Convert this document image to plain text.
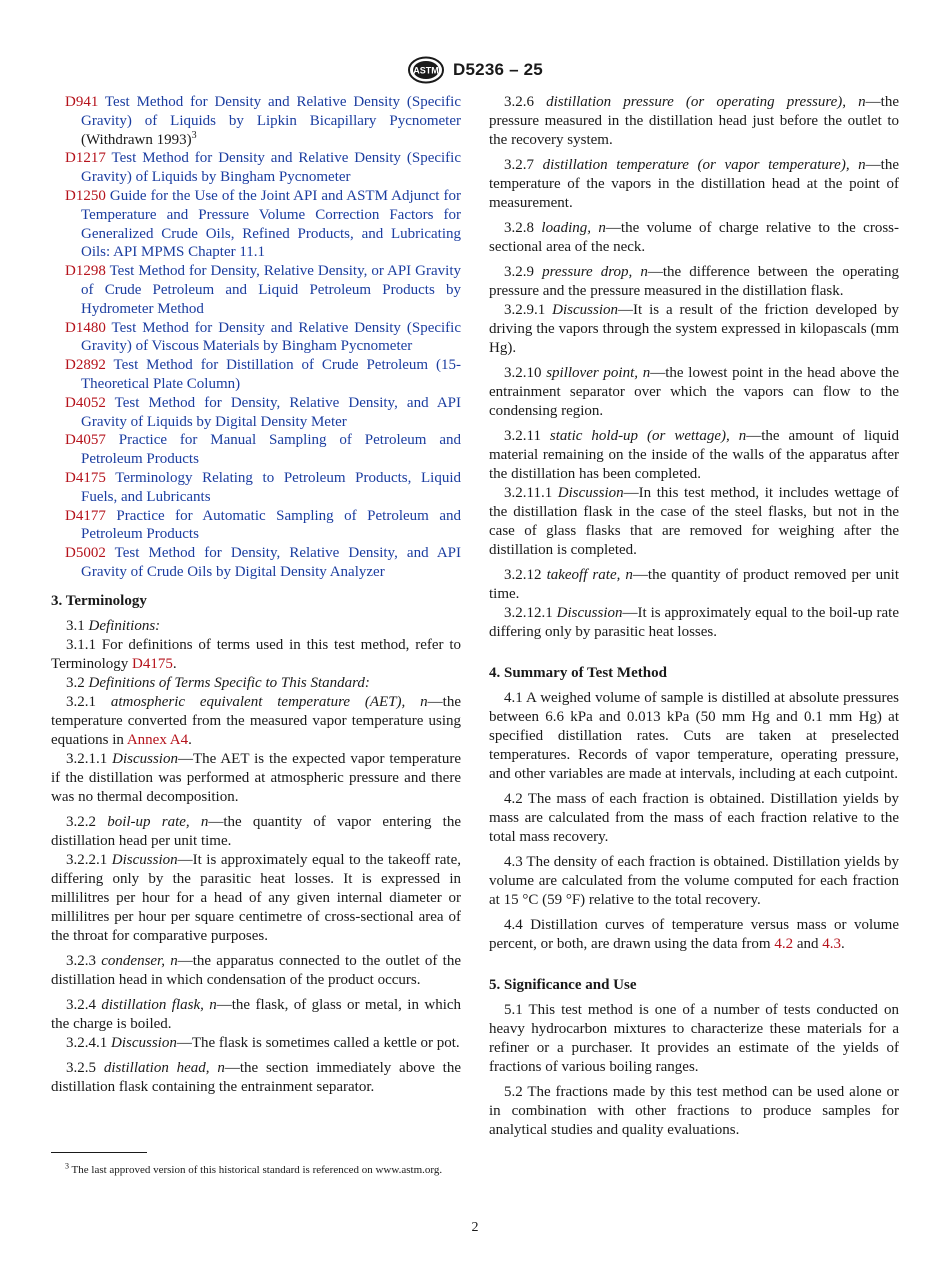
ASTM D5236 – 25

D941 Test Method for Density and Relative Density (Specific Gravity) of Liquids by Lipkin Bicapillary Pycnometer (Withdrawn 1993)$^3$

D1217 Test Method for Density and Relative Density (Specific Gravity) of Liquids by Bingham Pycnometer

D1250 Guide for the Use of the Joint API and ASTM Adjunct for Temperature and Pressure Volume Correction Factors for Generalized Crude Oils, Refined Products, and Lubricating Oils: API MPMS Chapter 11.1

D1298 Test Method for Density, Relative Density, or API Gravity of Crude Petroleum and Liquid Petroleum Products by Hydrometer Method

D1480 Test Method for Density and Relative Density (Specific Gravity) of Viscous Materials by Bingham Pycnometer

D2892 Test Method for Distillation of Crude Petroleum (15-Theoretical Plate Column)

D4052 Test Method for Density, Relative Density, and API Gravity of Liquids by Digital Density Meter

D4057 Practice for Manual Sampling of Petroleum and Petroleum Products

D4175 Terminology Relating to Petroleum Products, Liquid Fuels, and Lubricants

D4177 Practice for Automatic Sampling of Petroleum and Petroleum Products

D5002 Test Method for Density, Relative Density, and API Gravity of Crude Oils by Digital Density Analyzer

3. Terminology

3.1 Definitions:

3.1.1 For definitions of terms used in this test method, refer to Terminology D4175.

3.2 Definitions of Terms Specific to This Standard:

3.2.1 atmospheric equivalent temperature (AET), n—the temperature converted from the measured vapor temperature using equations in Annex A4.

3.2.1.1 Discussion—The AET is the expected vapor temperature if the distillation was performed at atmospheric pressure and there was no thermal decomposition.

3.2.2 boil-up rate, n—the quantity of vapor entering the distillation head per unit time.

3.2.2.1 Discussion—It is approximately equal to the takeoff rate, differing only by the parasitic heat losses. It is expressed in millilitres per hour for a head of any given internal diameter or millilitres per hour per square centimetre of cross-sectional area of the throat for comparative purposes.

3.2.3 condenser, n—the apparatus connected to the outlet of the distillation head in which condensation of the product occurs.

3.2.4 distillation flask, n—the flask, of glass or metal, in which the charge is boiled.

3.2.4.1 Discussion—The flask is sometimes called a kettle or pot.

3.2.5 distillation head, n—the section immediately above the distillation flask containing the entrainment separator.

3.2.6 distillation pressure (or operating pressure), n—the pressure measured in the distillation head just before the outlet to the recovery system.

3.2.7 distillation temperature (or vapor temperature), n—the temperature of the vapors in the distillation head at the point of measurement.

3.2.8 loading, n—the volume of charge relative to the cross-sectional area of the neck.

3.2.9 pressure drop, n—the difference between the operating pressure and the pressure measured in the distillation flask.

3.2.9.1 Discussion—It is a result of the friction developed by driving the vapors through the system expressed in kilopascals (mm Hg).

3.2.10 spillover point, n—the lowest point in the head above the entrainment separator over which the vapors can flow to the condensing region.

3.2.11 static hold-up (or wettage), n—the amount of liquid material remaining on the inside of the walls of the apparatus after the distillation has been completed.

3.2.11.1 Discussion—In this test method, it includes wettage of the distillation flask in the case of the steel flasks, but not in the case of glass flasks that are removed for weighing after the distillation is completed.

3.2.12 takeoff rate, n—the quantity of product removed per unit time.

3.2.12.1 Discussion—It is approximately equal to the boil-up rate differing only by parasitic heat losses.

4. Summary of Test Method

4.1 A weighed volume of sample is distilled at absolute pressures between 6.6 kPa and 0.013 kPa (50 mm Hg and 0.1 mm Hg) at specified distillation rates. Cuts are taken at preselected temperatures. Records of vapor temperature, operating pressure, and other variables are made at intervals, including at each cutpoint.

4.2 The mass of each fraction is obtained. Distillation yields by mass are calculated from the mass of each fraction relative to the total mass recovery.

4.3 The density of each fraction is obtained. Distillation yields by volume are calculated from the volume computed for each fraction at 15 °C (59 °F) relative to the total recovery.

4.4 Distillation curves of temperature versus mass or volume percent, or both, are drawn using the data from 4.2 and 4.3.

5. Significance and Use

5.1 This test method is one of a number of tests conducted on heavy hydrocarbon mixtures to characterize these materials for a refiner or a purchaser. It provides an estimate of the yields of fractions of various boiling ranges.

5.2 The fractions made by this test method can be used alone or in combination with other fractions to produce samples for analytical studies and quality evaluations.

$^3$ The last approved version of this historical standard is referenced on www.astm.org.

2
